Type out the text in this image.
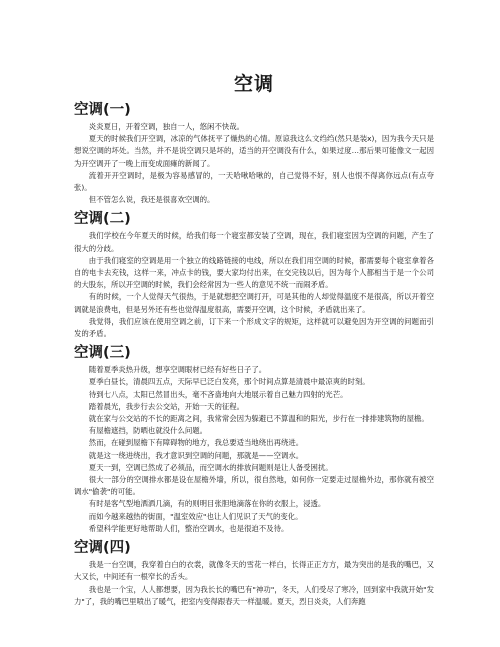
空调
空调(一)

炎炎夏日，开着空调，独自一人，悠闲不快哉。

夏天的时候我们开空调，冰凉的气体抚平了燥热的心情。原谅我这么文绉绉(然只是装x)，因为我今天只是想说空调的坏处。当然，并不是说空调只是坏的，适当的开空调没有什么，如果过度…那后果可能像文一起因为开空调开了一晚上而变成面瘫的新闻了。

流着开开空调时，是极为容易感冒的，一天哈啾哈啾的，自己觉得不好，别人也恨不得离你远点(有点夸张)。

但不管怎么说，我还是很喜欢空调的。

空调(二)

我们学校在今年夏天的时候，给我们每一个寝室都安装了空调，现在，我们寝室因为空调的问题，产生了很大的分歧。

由于我们寝室的空调是用一个独立的线路链接的电线，所以在我们用空调的时候，都需要每个寝室拿着各自的电卡去充钱，这样一来，冲点卡的钱，要大家均付出来，在交完钱以后，因为每个人都相当于是一个公司的大股东，所以开空调的时候，我们会经常因为一些人的意见不统一而闹矛盾。

有的时候，一个人觉得天气很热，于是就想把空调打开，可是其他的人却觉得温度不是很高，所以开着空调就是浪费电，但是另外还有些也觉得温度很高，需要开空调，这个时候，矛盾就出来了。

我觉得，我们应该在使用空调之前，订下来一个形成文字的规矩，这样就可以避免因为开空调的问题而引发的矛盾。

空调(三)

随着夏季炎热升级，想享空调眼材已经有好些日子了。

夏季白昼长，清晨四五点，天际早已泛白发亮，那个时间点算是清晨中最凉爽的时刻。

待到七八点，太阳已然冒出头，毫不吝啬地向大地展示着自己魅力四射的光芒。

踏着晨光，我步行去公交站，开始一天的征程。

就在家与公交站的不长的距离之间，我常常会因为躲避已不算温和的阳光，步行在一排排建筑物的屋檐。

有屋檐遮挡，防晒也就没什么问题。

然而，在碰到屋檐下有障碍物的地方，我总要适当地绕出再绕进。

就是这一绕进绕出，我才意识到空调的问题，那就是——空调水。

夏天一到，空调已然成了必须品，而空调水的排放问题则是让人备受困扰。

很大一部分的空调排水都是设在屋檐外墙，所以，很自然地，如何你一定要走过屋檐外边，那你就有被空调水"偷袭"的可能。

有时是客气型地洒洒几滴，有的则明目张胆地滴落在你的衣服上，浸透。

而如今越来越热的街面，"温室效应"也让人们见识了天气的变化。

希望科学能更好地帮助人们，整治空调水，也是很迫不及待。

空调(四)

我是一台空调，我穿着白白的衣裳，就像冬天的雪花一样白，长得正正方方，最为突出的是我的嘴巴，又大又长，中间还有一根窄长的舌头。

我也是一个宝，人人都想要，因为我长长的嘴巴有"神功"，冬天，人们受尽了寒冷，回到家中我就开始"发力"了，我的嘴巴里喷出了暖气，把室内变得跟春天一样温暖。夏天，烈日炎炎，人们奔跑
